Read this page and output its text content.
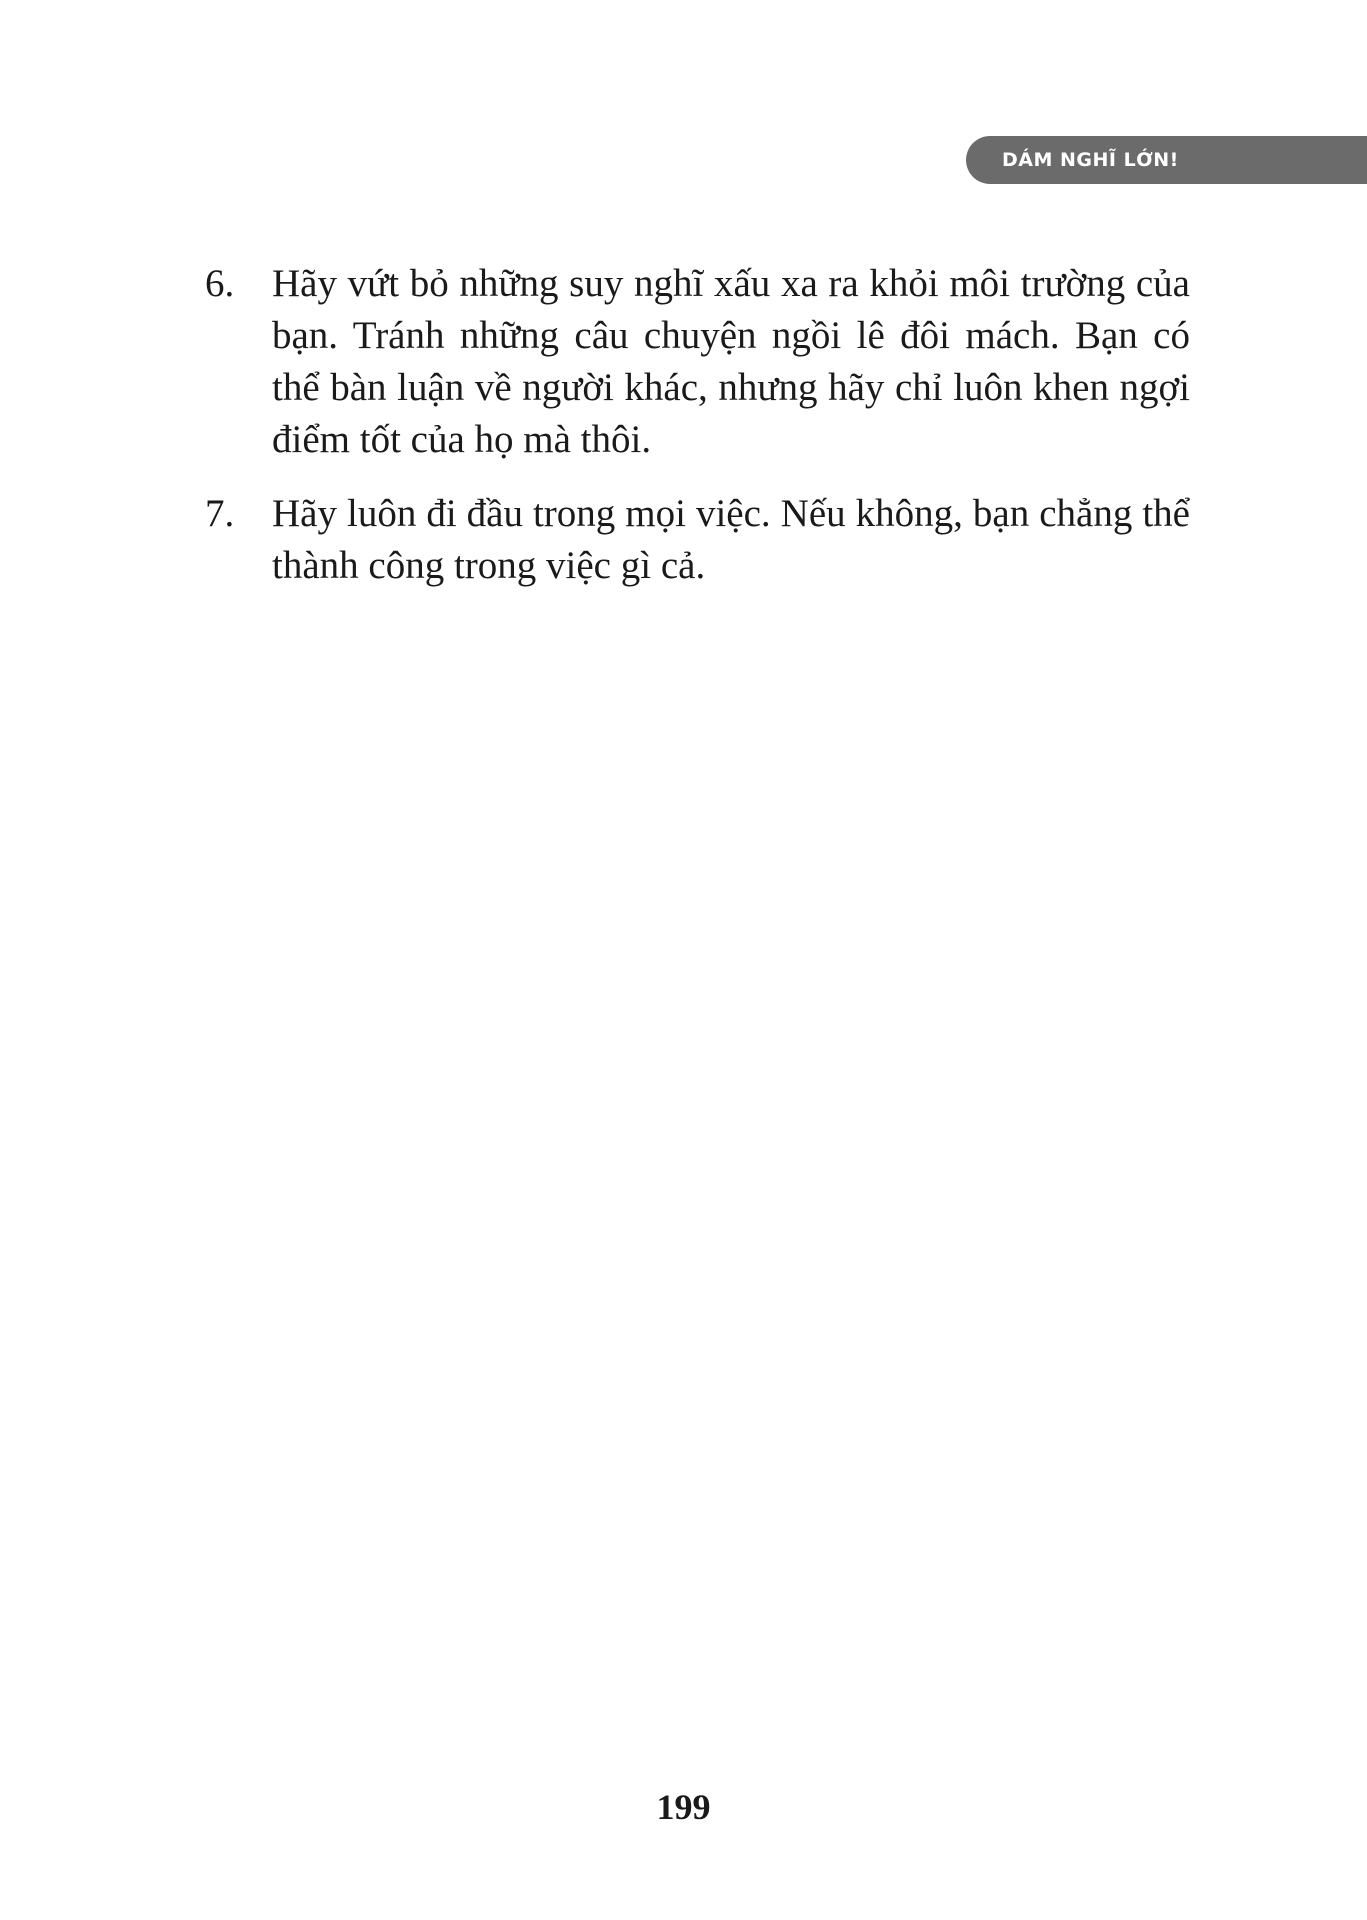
DÁM NGHĨ LỚN!
6. Hãy vứt bỏ những suy nghĩ xấu xa ra khỏi môi trường của bạn. Tránh những câu chuyện ngồi lê đôi mách. Bạn có thể bàn luận về người khác, nhưng hãy chỉ luôn khen ngợi điểm tốt của họ mà thôi.
7. Hãy luôn đi đầu trong mọi việc. Nếu không, bạn chẳng thể thành công trong việc gì cả.
199
